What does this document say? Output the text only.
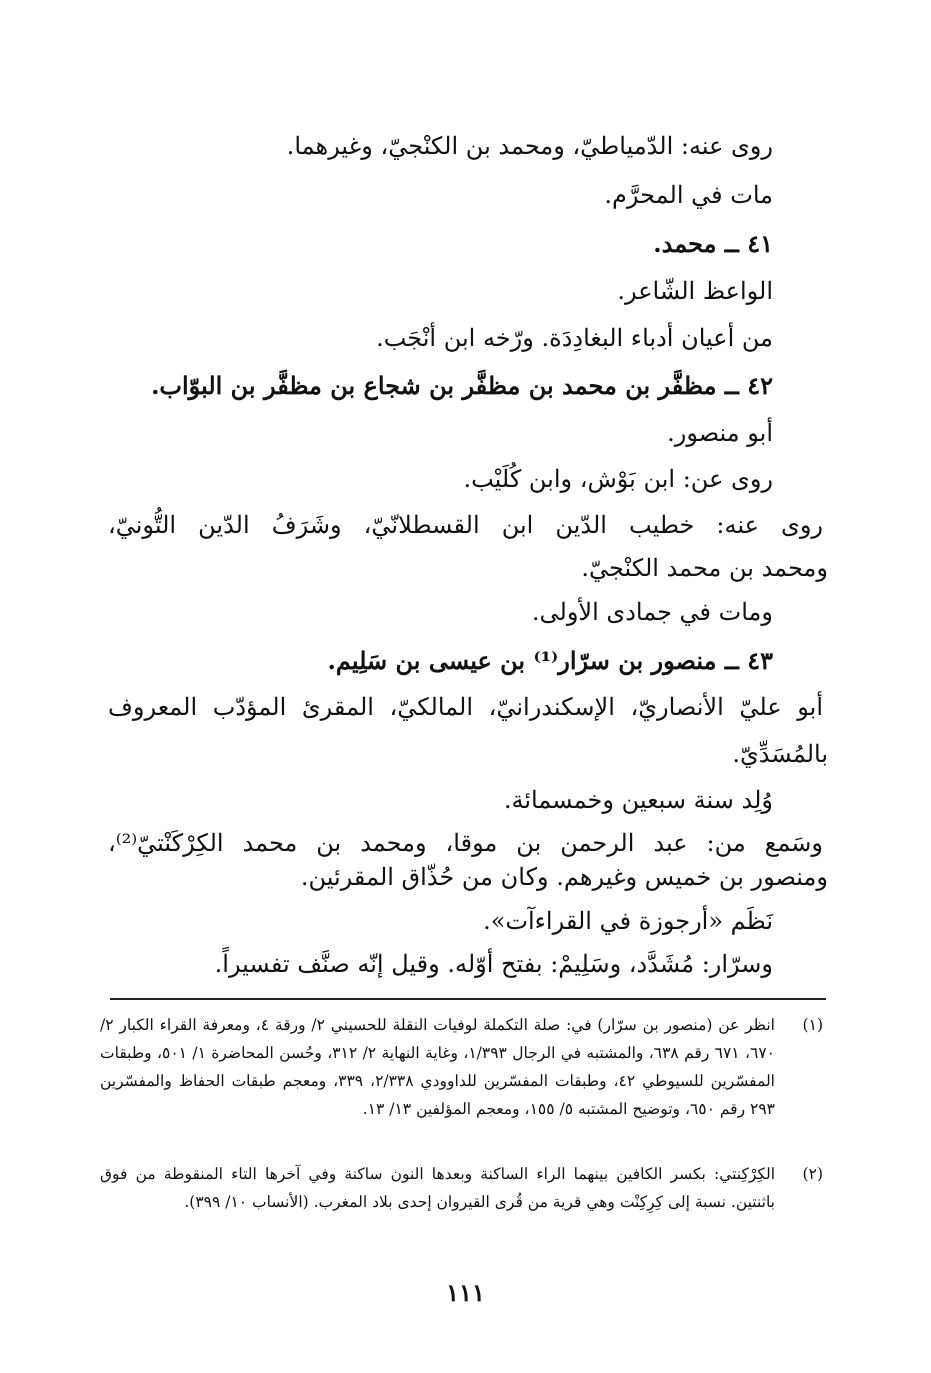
روى عنه: الدّمياطيّ، ومحمد بن الكنْجيّ، وغيرهما.
مات في المحرَّم.
٤١ ــ محمد.
الواعظ الشّاعر.
من أعيان أدباء البغادِدَة. ورّخه ابن أنْجَب.
٤٢ ــ مظفَّر بن محمد بن مظفَّر بن شجاع بن مظفَّر بن البوّاب.
أبو منصور.
روى عن: ابن بَوْش، وابن كُلَيْب.
روى عنه: خطيب الدّين ابن القسطلانّيّ، وشَرَفُ الدّين التُّونيّ،
ومحمد بن محمد الكنْجيّ.
ومات في جمادى الأولى.
٤٣ ــ منصور بن سرّار⁽¹⁾ بن عيسى بن سَلِيم.
أبو عليّ الأنصاريّ، الإسكندرانيّ، المالكيّ، المقرئ المؤدّب المعروف
بالمُسَدِّيّ.
وُلِد سنة سبعين وخمسمائة.
وسَمع من: عبد الرحمن بن موقا، ومحمد بن محمد الكِرْكَنْتيّ⁽²⁾،
ومنصور بن خميس وغيرهم. وكان من حُذّاق المقرئين.
نَظَم «أرجوزة في القراءآت».
وسرّار: مُشَدَّد، وسَلِيمْ: بفتح أوّله. وقيل إنّه صنَّف تفسيراً.
(١)
انظر عن (منصور بن سرّار) في: صلة التكملة لوفيات النقلة للحسيني ٢/ ورقة ٤، ومعرفة القراء الكبار ٢/ ٦٧٠، ٦٧١ رقم ٦٣٨، والمشتبه في الرجال ١/٣٩٣، وغاية النهاية ٢/ ٣١٢، وحُسن المحاضرة ١/ ٥٠١، وطبقات المفسّرين للسيوطي ٤٢، وطبقات المفسّرين للداوودي ٢/٣٣٨، ٣٣٩، ومعجم طبقات الحفاظ والمفسّرين ٢٩٣ رقم ٦٥٠، وتوضيح المشتبه ٥/ ١٥٥، ومعجم المؤلفين ١٣/ ١٣.
(٢)
الكِرْكِنتي: بكسر الكافين بينهما الراء الساكنة وبعدها النون ساكنة وفي آخرها التاء المنقوطة من فوق باثنتين. نسبة إلى كِرِكِنْت وهي قرية من قُرى القيروان إحدى بلاد المغرب. (الأنساب ١٠/ ٣٩٩).
١١١
